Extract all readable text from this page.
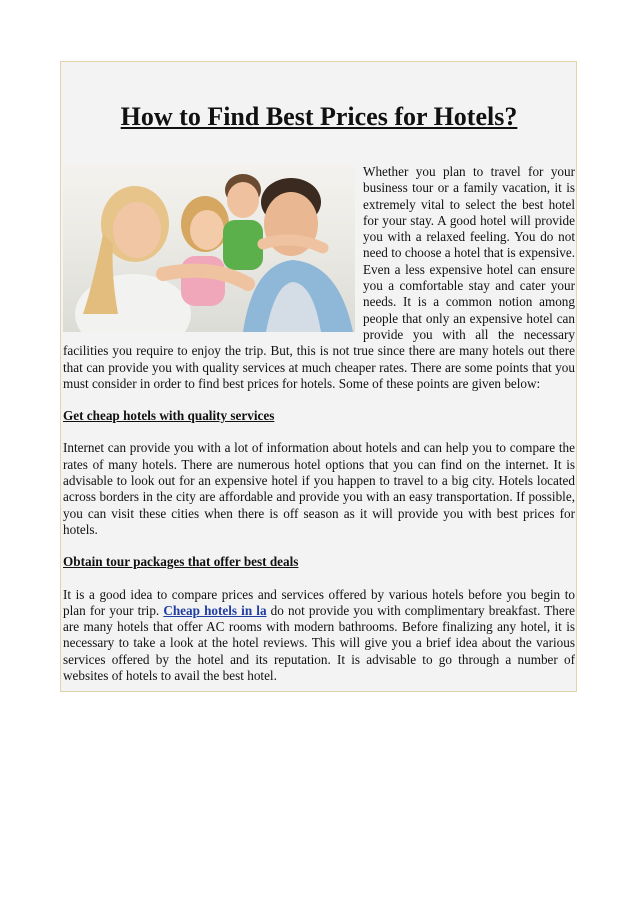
How to Find Best Prices for Hotels?

Whether you plan to travel for your business tour or a family vacation, it is extremely vital to select the best hotel for your stay. A good hotel will provide you with a relaxed feeling. You do not need to choose a hotel that is expensive. Even a less expensive hotel can ensure you a comfortable stay and cater your needs. It is a common notion among people that only an expensive hotel can provide you with all the necessary facilities you require to enjoy the trip. But, this is not true since there are many hotels out there that can provide you with quality services at much cheaper rates. There are some points that you must consider in order to find best prices for hotels. Some of these points are given below:

Get cheap hotels with quality services

Internet can provide you with a lot of information about hotels and can help you to compare the rates of many hotels. There are numerous hotel options that you can find on the internet. It is advisable to look out for an expensive hotel if you happen to travel to a big city. Hotels located across borders in the city are affordable and provide you with an easy transportation. If possible, you can visit these cities when there is off season as it will provide you with best prices for hotels.

Obtain tour packages that offer best deals

It is a good idea to compare prices and services offered by various hotels before you begin to plan for your trip. Cheap hotels in la do not provide you with complimentary breakfast. There are many hotels that offer AC rooms with modern bathrooms. Before finalizing any hotel, it is necessary to take a look at the hotel reviews. This will give you a brief idea about the various services offered by the hotel and its reputation. It is advisable to go through a number of websites of hotels to avail the best hotel.
